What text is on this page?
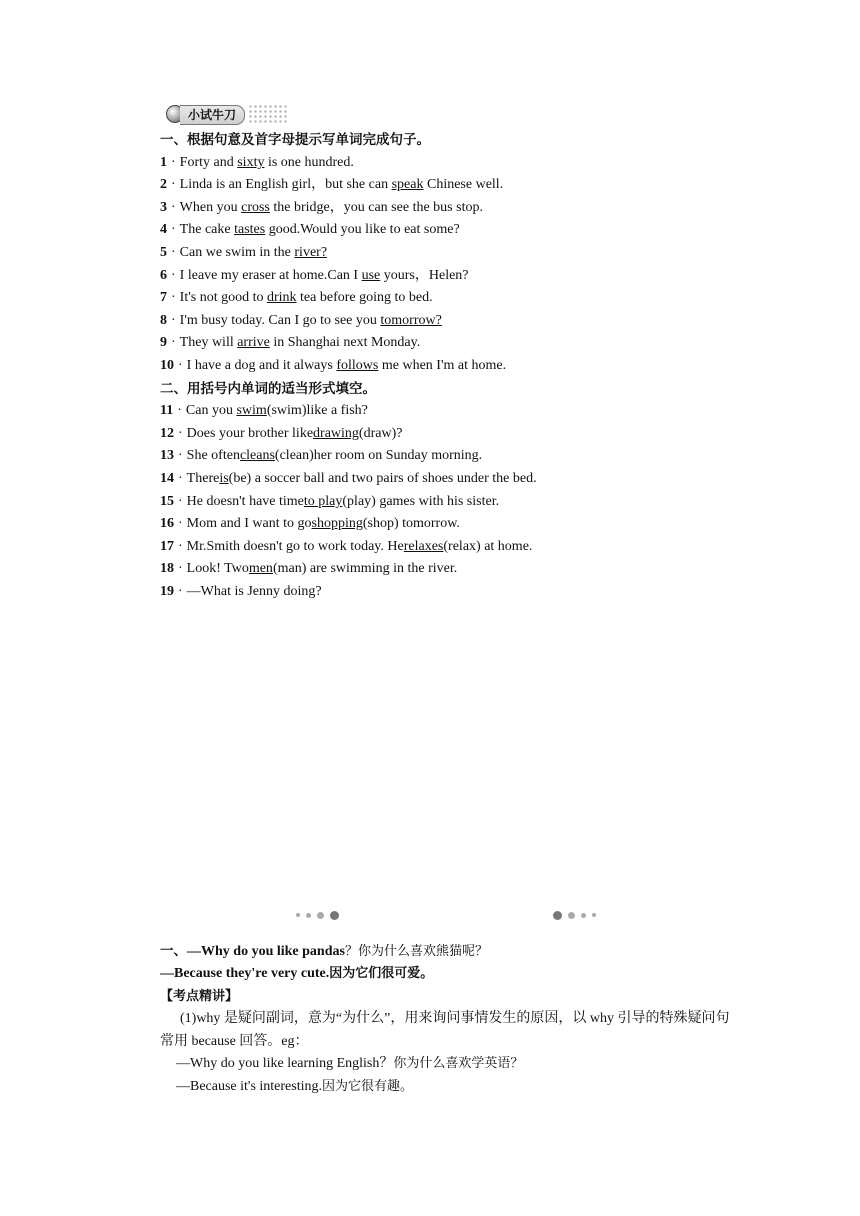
小试牛刀
一、根据句意及首字母提示写单词完成句子。
1 · Forty and sixty is one hundred.
2 · Linda is an English girl，but she can speak Chinese well.
3 · When you cross the bridge，you can see the bus stop.
4 · The cake tastes good.Would you like to eat some?
5 · Can we swim in the river?
6 · I leave my eraser at home.Can I use yours，Helen?
7 · It's not good to drink tea before going to bed.
8 · I'm busy today. Can I go to see you tomorrow?
9 · They will arrive in Shanghai next Monday.
10 · I have a dog and it always follows me when I'm at home.
二、用括号内单词的适当形式填空。
11 · Can you swim(swim)like a fish?
12 · Does your brother likedrawing(draw)?
13 · She oftencleans(clean)her room on Sunday morning.
14 · Thereis(be) a soccer ball and two pairs of shoes under the bed.
15 · He doesn't have timeto play(play) games with his sister.
16 · Mom and I want to goshopping(shop) tomorrow.
17 · Mr.Smith doesn't go to work today. Herelaxes(relax) at home.
18 · Look! Twomen(man) are swimming in the river.
19 · —What is Jenny doing?
一、—Why do you like pandas？你为什么喜欢熊猫呢？
—Because they're very cute.因为它们很可爱。
【考点精讲】
(1)why 是疑问副词，意为“为什么”，用来询问事情发生的原因，以 why 引导的特殊疑问句常用 because 回答。eg：
—Why do you like learning English？你为什么喜欢学英语？
—Because it's interesting.因为它很有趣。
